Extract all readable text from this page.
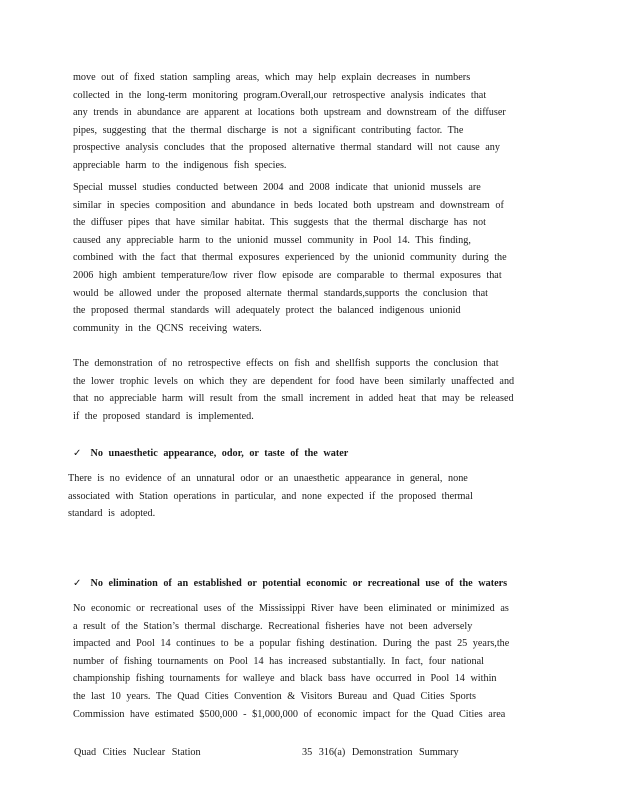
move out of fixed station sampling areas, which may help explain decreases in numbers
collected in the long-term monitoring program.Overall,our retrospective analysis indicates that
any trends in abundance are apparent at locations both upstream and downstream of the diffuser
pipes, suggesting that the thermal discharge is not a significant contributing factor. The
prospective analysis concludes that the proposed alternative thermal standard will not cause any
appreciable harm to the indigenous fish species.
Special mussel studies conducted between 2004 and 2008 indicate that unionid mussels are
similar in species composition and abundance in beds located both upstream and downstream of
the diffuser pipes that have similar habitat. This suggests that the thermal discharge has not
caused any appreciable harm to the unionid mussel community in Pool 14. This finding,
combined with the fact that thermal exposures experienced by the unionid community during the
2006 high ambient temperature/low river flow episode are comparable to thermal exposures that
would be allowed under the proposed alternate thermal standards,supports the conclusion that
the proposed thermal standards will adequately protect the balanced indigenous unionid
community in the QCNS receiving waters.
The demonstration of no retrospective effects on fish and shellfish supports the conclusion that
the lower trophic levels on which they are dependent for food have been similarly unaffected and
that no appreciable harm will result from the small increment in added heat that may be released
if the proposed standard is implemented.
✓ No unaesthetic appearance, odor, or taste of the water
There is no evidence of an unnatural odor or an unaesthetic appearance in general, none
associated with Station operations in particular, and none expected if the proposed thermal
standard is adopted.
✓ No elimination of an established or potential economic or recreational use of the waters
No economic or recreational uses of the Mississippi River have been eliminated or minimized as
a result of the Station’s thermal discharge. Recreational fisheries have not been adversely
impacted and Pool 14 continues to be a popular fishing destination. During the past 25 years,the
number of fishing tournaments on Pool 14 has increased substantially. In fact, four national
championship fishing tournaments for walleye and black bass have occurred in Pool 14 within
the last 10 years. The Quad Cities Convention & Visitors Bureau and Quad Cities Sports
Commission have estimated $500,000 - $1,000,000 of economic impact for the Quad Cities area
Quad Cities Nuclear Station	35 316(a) Demonstration Summary
